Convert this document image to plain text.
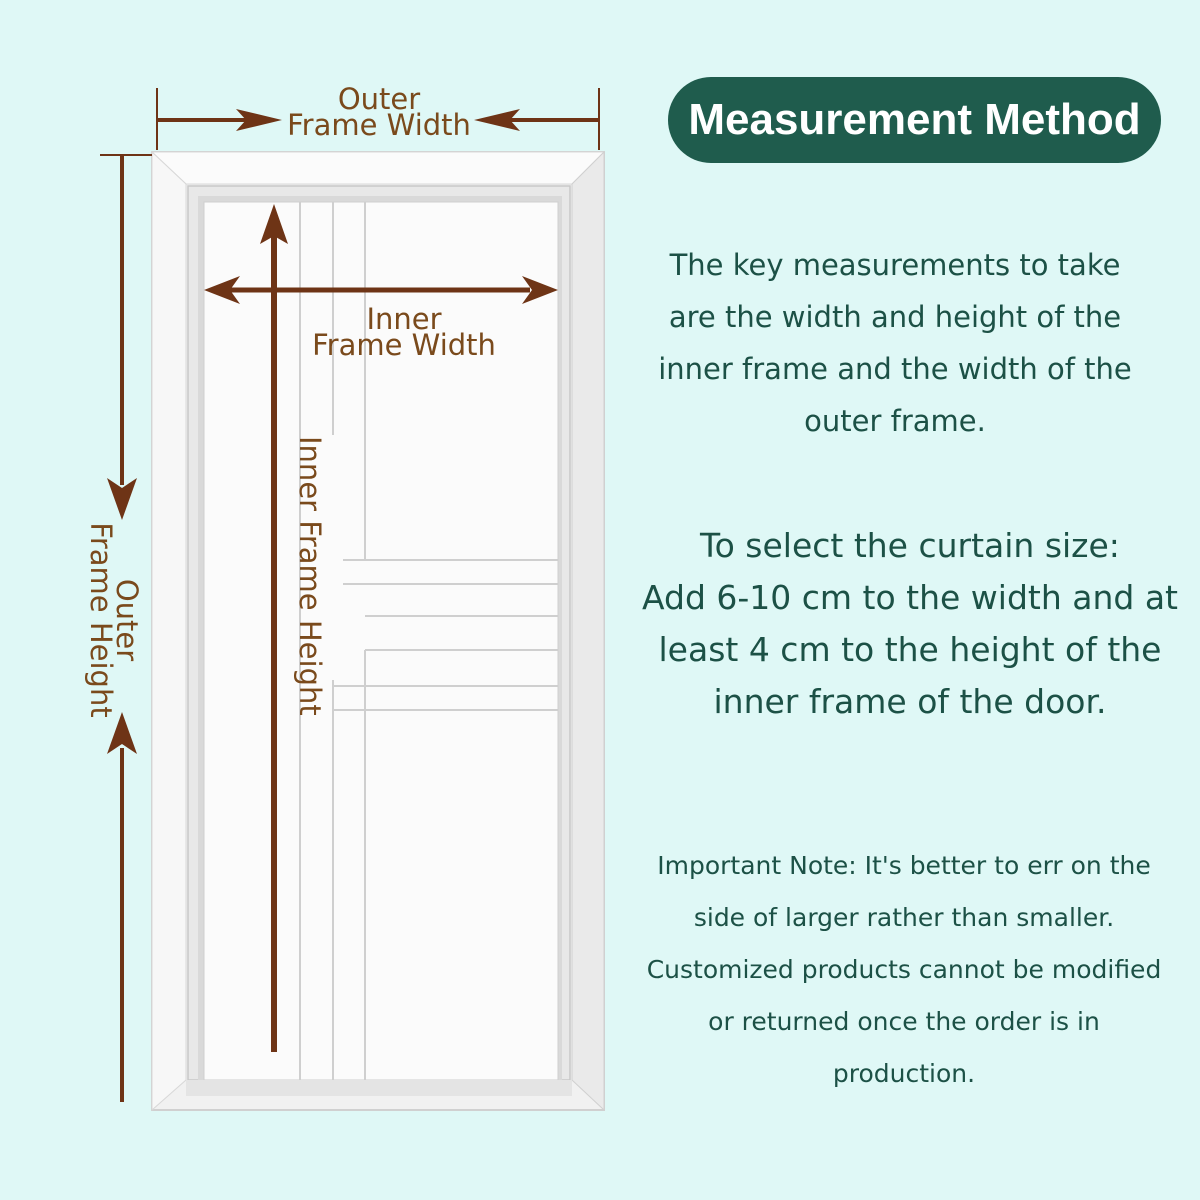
Outer
Frame Width
Inner
Frame Width
Outer
Frame Height	Inner Frame Height
Measurement Method
The key measurements to take
are the width and height of the
inner frame and the width of the
outer frame.
To select the curtain size:
Add 6-10 cm to the width and at
least 4 cm to the height of the
inner frame of the door.
Important Note: It's better to err on the
side of larger rather than smaller.
Customized products cannot be modified
or returned once the order is in
production.
